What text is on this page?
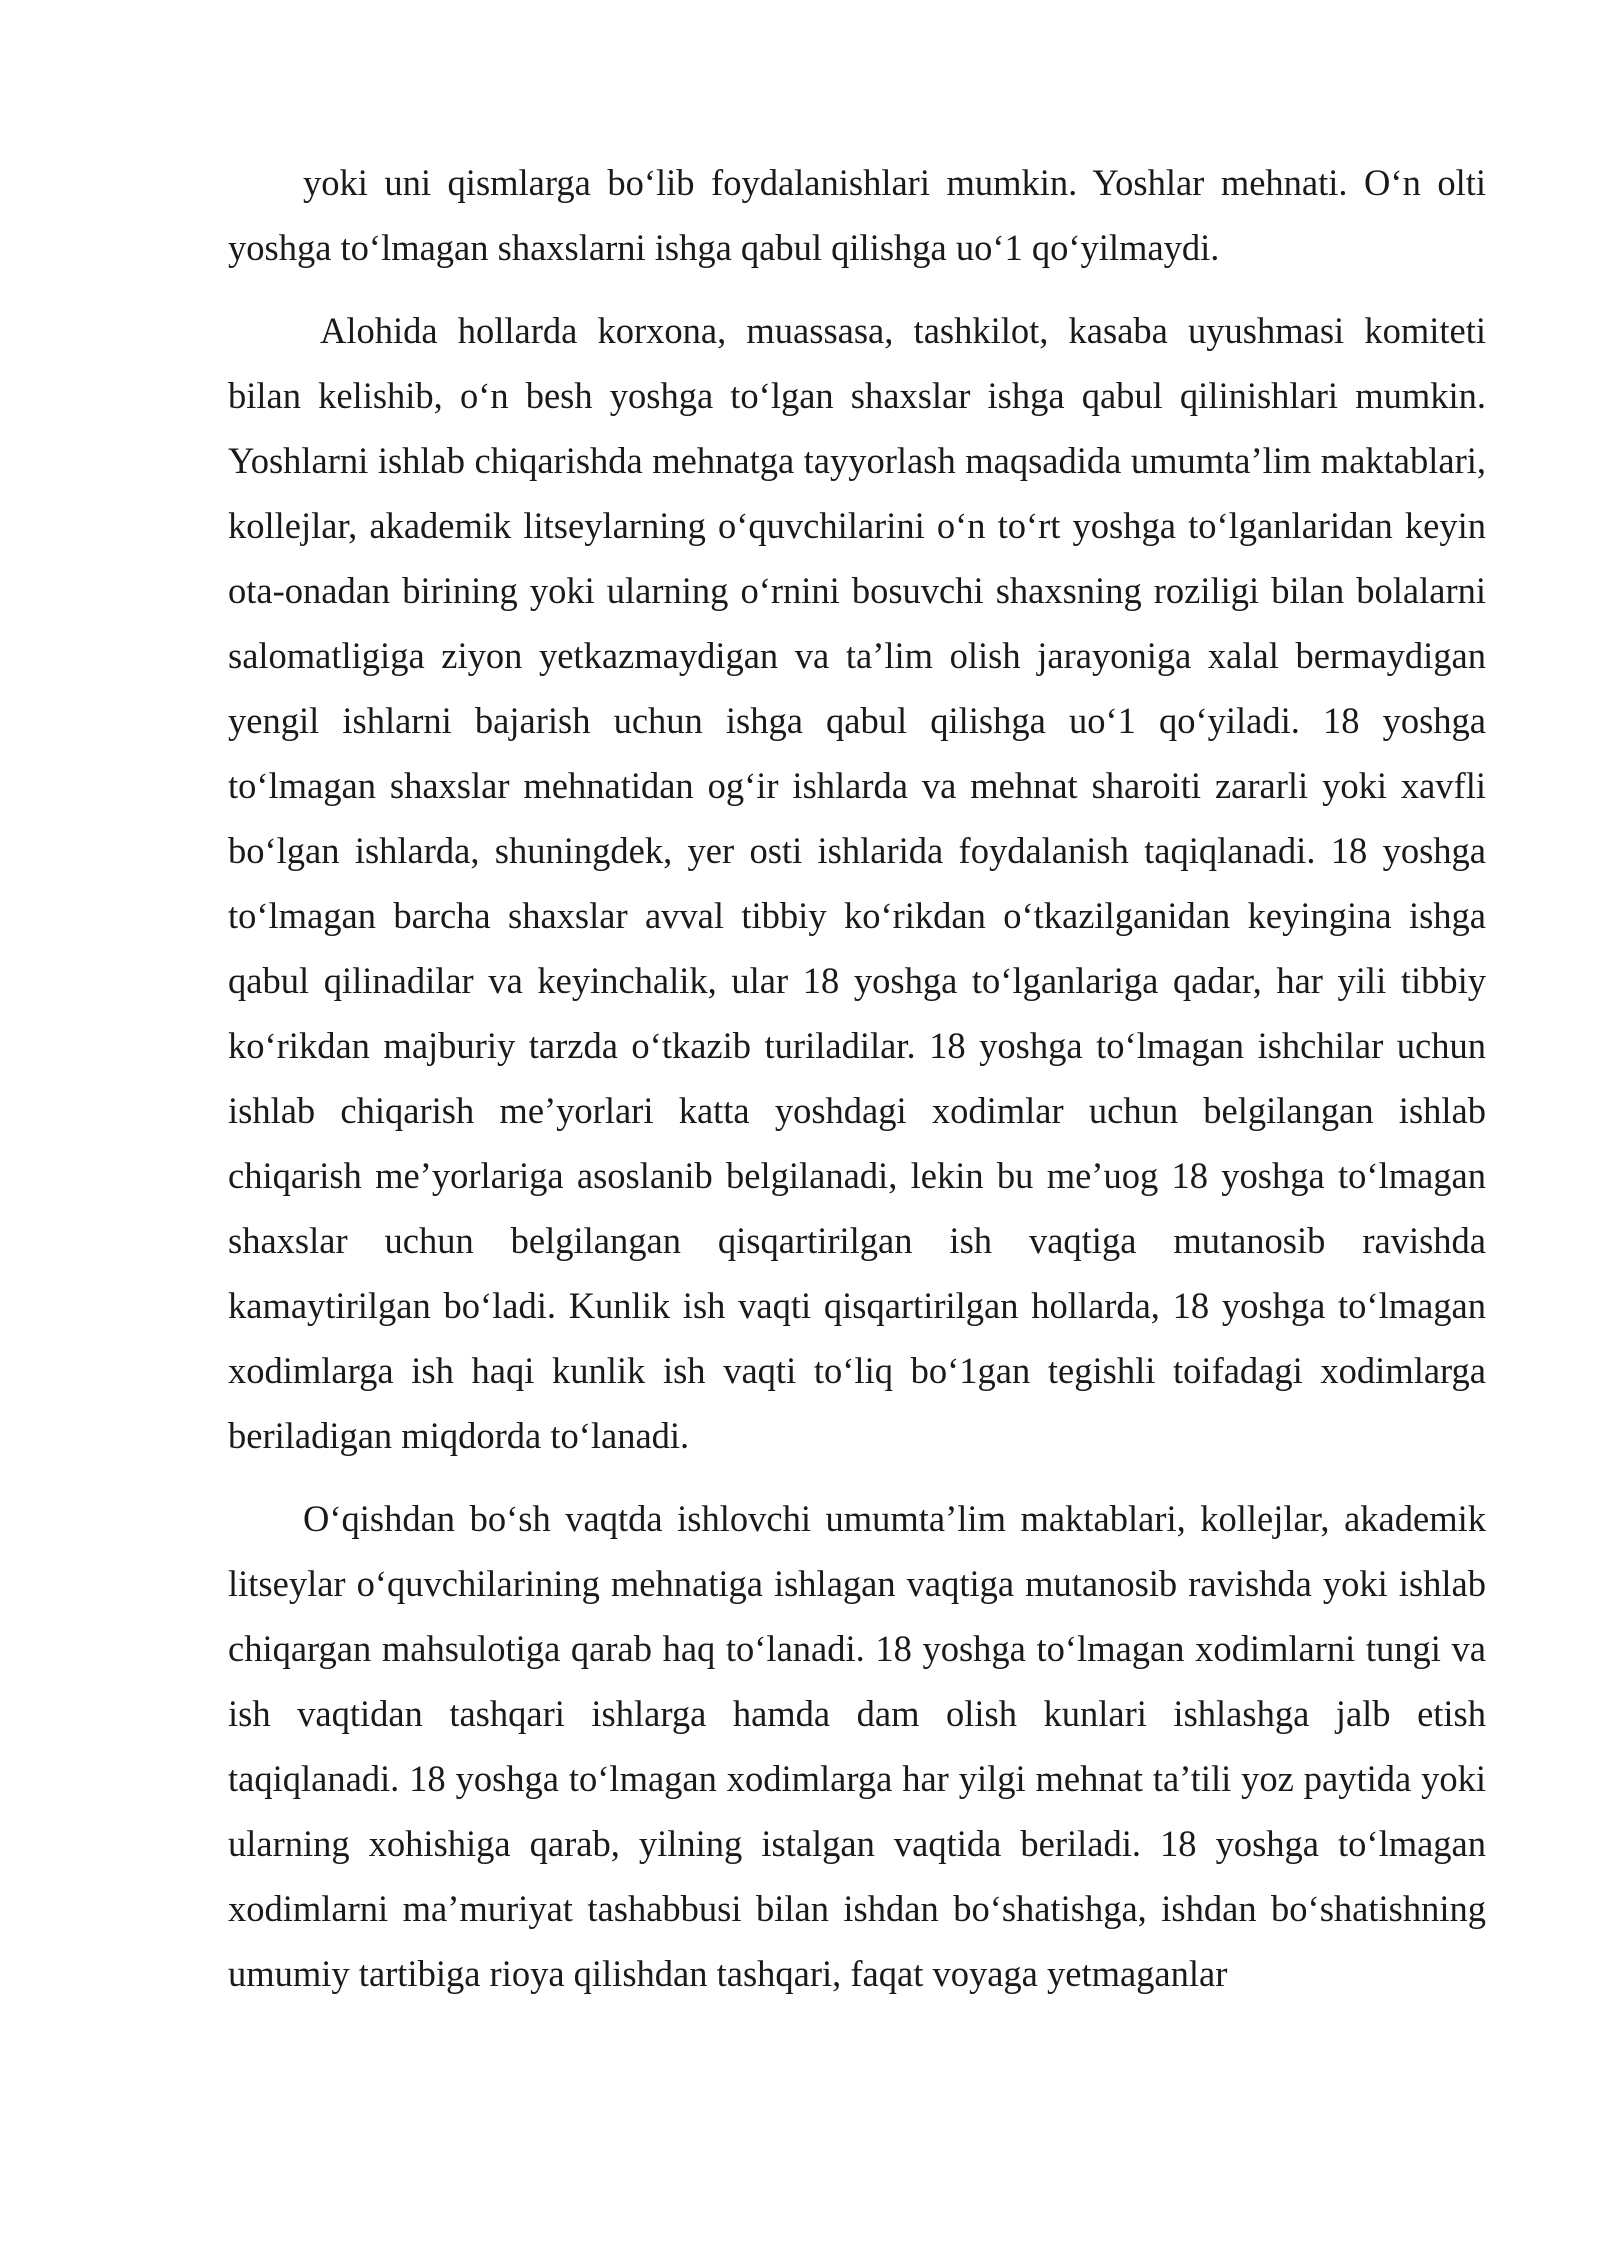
yoki uni qismlarga bo‘lib foydalanishlari mumkin. Yoshlar mehnati. O‘n olti yoshga to‘lmagan shaxslarni ishga qabul qilishga uo‘1 qo‘yilmaydi.

Alohida hollarda korxona, muassasa, tashkilot, kasaba uyushmasi komiteti bilan kelishib, o‘n besh yoshga to‘lgan shaxslar ishga qabul qilinishlari mumkin. Yoshlarni ishlab chiqarishda mehnatga tayyorlash maqsadida umumta’lim maktablari, kollejlar, akademik litseylarning o‘quvchilarini o‘n to‘rt yoshga to‘lganlaridan keyin ota-onadan birining yoki ularning o‘rnini bosuvchi shaxsning roziligi bilan bolalarni salomatligiga ziyon yetkazmaydigan va ta’lim olish jarayoniga xalal bermaydigan yengil ishlarni bajarish uchun ishga qabul qilishga uo‘1 qo‘yiladi. 18 yoshga to‘lmagan shaxslar mehnatidan og‘ir ishlarda va mehnat sharoiti zararli yoki xavfli bo‘lgan ishlarda, shuningdek, yer osti ishlarida foydalanish taqiqlanadi. 18 yoshga to‘lmagan barcha shaxslar avval tibbiy ko‘rikdan o‘tkazilganidan keyingina ishga qabul qilinadilar va keyinchalik, ular 18 yoshga to‘lganlariga qadar, har yili tibbiy ko‘rikdan majburiy tarzda o‘tkazib turiladilar. 18 yoshga to‘lmagan ishchilar uchun ishlab chiqarish me’yorlari katta yoshdagi xodimlar uchun belgilangan ishlab chiqarish me’yorlariga asoslanib belgilanadi, lekin bu me’uog 18 yoshga to‘lmagan shaxslar uchun belgilangan qisqartirilgan ish vaqtiga mutanosib ravishda kamaytirilgan bo‘ladi. Kunlik ish vaqti qisqartirilgan hollarda, 18 yoshga to‘lmagan xodimlarga ish haqi kunlik ish vaqti to‘liq bo‘1gan tegishli toifadagi xodimlarga beriladigan miqdorda to‘lanadi.

O‘qishdan bo‘sh vaqtda ishlovchi umumta’lim maktablari, kollejlar, akademik litseylar o‘quvchilarining mehnatiga ishlagan vaqtiga mutanosib ravishda yoki ishlab chiqargan mahsulotiga qarab haq to‘lanadi. 18 yoshga to‘lmagan xodimlarni tungi va ish vaqtidan tashqari ishlarga hamda dam olish kunlari ishlashga jalb etish taqiqlanadi. 18 yoshga to‘lmagan xodimlarga har yilgi mehnat ta’tili yoz paytida yoki ularning xohishiga qarab, yilning istalgan vaqtida beriladi. 18 yoshga to‘lmagan xodimlarni ma’muriyat tashabbusi bilan ishdan bo‘shatishga, ishdan bo‘shatishning umumiy tartibiga rioya qilishdan tashqari, faqat voyaga yetmaganlar
